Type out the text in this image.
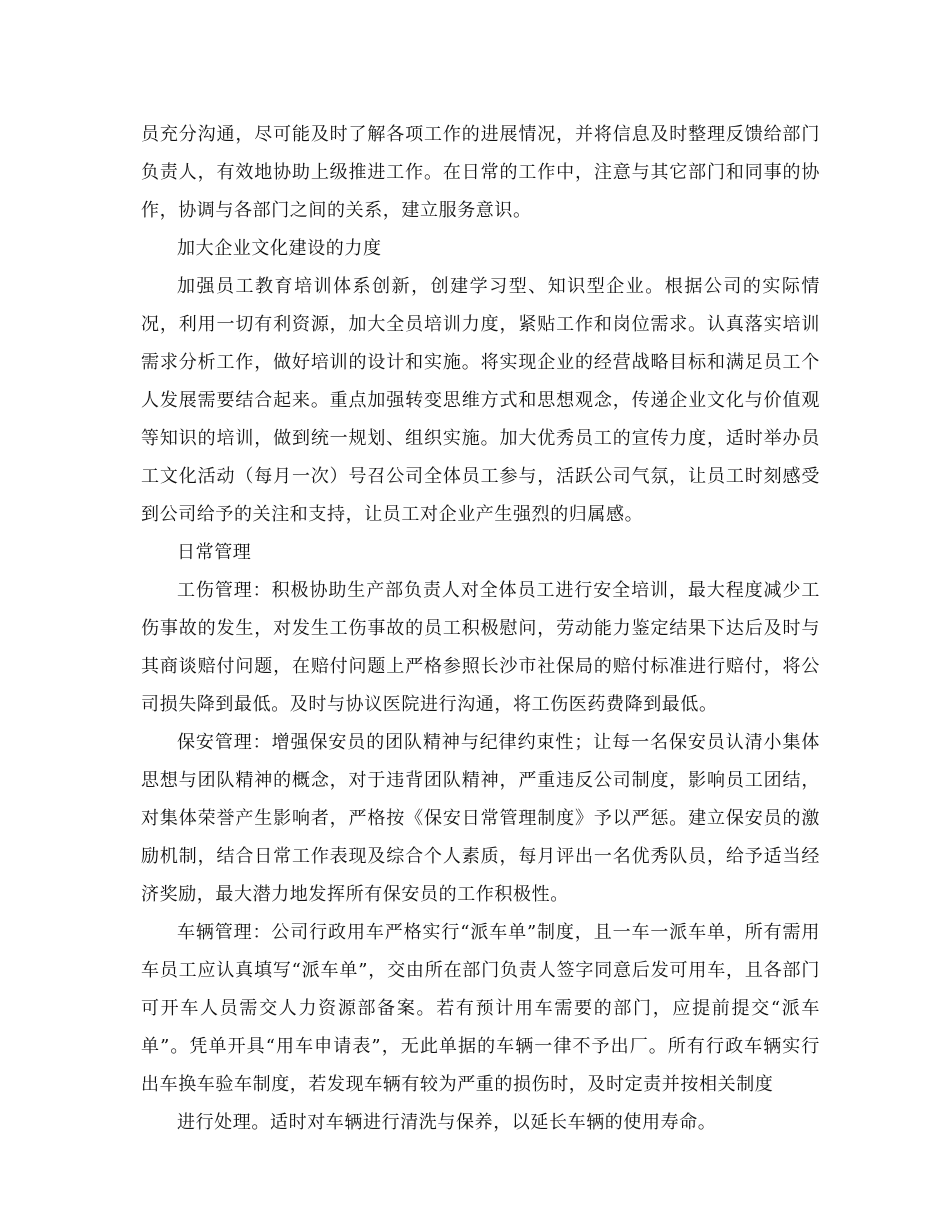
员充分沟通，尽可能及时了解各项工作的进展情况，并将信息及时整理反馈给部门负责人，有效地协助上级推进工作。在日常的工作中，注意与其它部门和同事的协作，协调与各部门之间的关系，建立服务意识。

加大企业文化建设的力度

加强员工教育培训体系创新，创建学习型、知识型企业。根据公司的实际情况，利用一切有利资源，加大全员培训力度，紧贴工作和岗位需求。认真落实培训需求分析工作，做好培训的设计和实施。将实现企业的经营战略目标和满足员工个人发展需要结合起来。重点加强转变思维方式和思想观念，传递企业文化与价值观等知识的培训，做到统一规划、组织实施。加大优秀员工的宣传力度，适时举办员工文化活动（每月一次）号召公司全体员工参与，活跃公司气氛，让员工时刻感受到公司给予的关注和支持，让员工对企业产生强烈的归属感。

日常管理

工伤管理：积极协助生产部负责人对全体员工进行安全培训，最大程度减少工伤事故的发生，对发生工伤事故的员工积极慰问，劳动能力鉴定结果下达后及时与其商谈赔付问题，在赔付问题上严格参照长沙市社保局的赔付标准进行赔付，将公司损失降到最低。及时与协议医院进行沟通，将工伤医药费降到最低。

保安管理：增强保安员的团队精神与纪律约束性；让每一名保安员认清小集体思想与团队精神的概念，对于违背团队精神，严重违反公司制度，影响员工团结，对集体荣誉产生影响者，严格按《保安日常管理制度》予以严惩。建立保安员的激励机制，结合日常工作表现及综合个人素质，每月评出一名优秀队员，给予适当经济奖励，最大潜力地发挥所有保安员的工作积极性。

车辆管理：公司行政用车严格实行“派车单”制度，且一车一派车单，所有需用车员工应认真填写“派车单”，交由所在部门负责人签字同意后发可用车，且各部门可开车人员需交人力资源部备案。若有预计用车需要的部门，应提前提交“派车单”。凭单开具“用车申请表”，无此单据的车辆一律不予出厂。所有行政车辆实行出车换车验车制度，若发现车辆有较为严重的损伤时，及时定责并按相关制度

进行处理。适时对车辆进行清洗与保养，以延长车辆的使用寿命。
